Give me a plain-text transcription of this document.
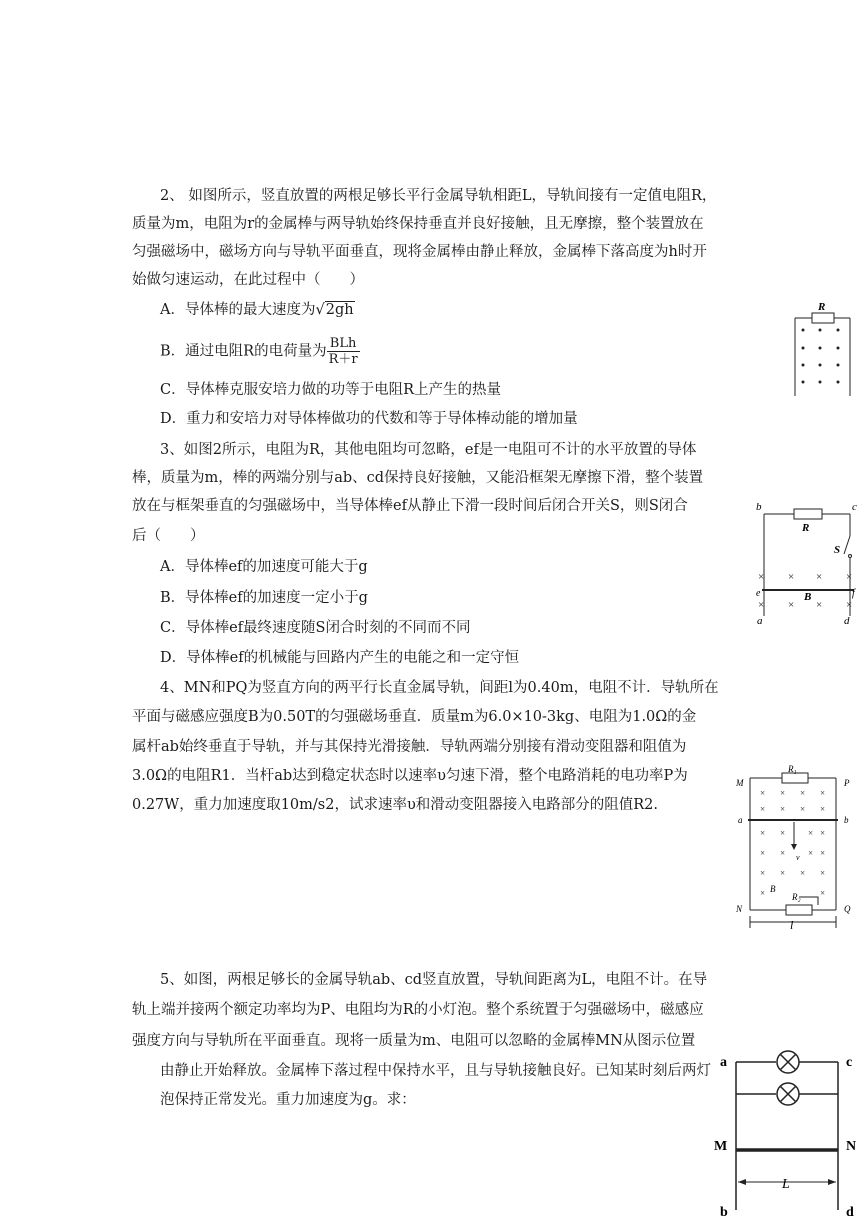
2、 如图所示，竖直放置的两根足够长平行金属导轨相距L，导轨间接有一定值电阻R，
质量为m，电阻为r的金属棒与两导轨始终保持垂直并良好接触，且无摩擦，整个装置放在
匀强磁场中，磁场方向与导轨平面垂直，现将金属棒由静止释放，金属棒下落高度为h时开
始做匀速运动，在此过程中（　　）
A．导体棒的最大速度为√2gh
B．通过电阻R的电荷量为 $\frac{\text{BLh}}{R+r}$
C．导体棒克服安培力做的功等于电阻R上产生的热量
D．重力和安培力对导体棒做功的代数和等于导体棒动能的增加量
R
3、如图2所示，电阻为R，其他电阻均可忽略，ef是一电阻可不计的水平放置的导体
棒，质量为m，棒的两端分别与ab、cd保持良好接触，又能沿框架无摩擦下滑，整个装置
放在与框架垂直的匀强磁场中，当导体棒ef从静止下滑一段时间后闭合开关S，则S闭合
后（　　）
A．导体棒ef的加速度可能大于g
B．导体棒ef的加速度一定小于g
C．导体棒ef最终速度随S闭合时刻的不同而不同
D．导体棒ef的机械能与回路内产生的电能之和一定守恒
b	c
R
S
e	f
B
a	d
× × × ×
× × × ×
4、MN和PQ为竖直方向的两平行长直金属导轨，间距l为0.40m，电阻不计．导轨所在
平面与磁感应强度B为0.50T的匀强磁场垂直．质量m为6.0×10-3kg、电阻为1.0Ω的金
属杆ab始终垂直于导轨，并与其保持光滑接触．导轨两端分别接有滑动变阻器和阻值为
3.0Ω的电阻R1．当杆ab达到稳定状态时以速率υ匀速下滑，整个电路消耗的电功率P为
0.27W，重力加速度取10m/s2，试求速率υ和滑动变阻器接入电路部分的阻值R2.
R₁
M	P
a	b
v
B
R₂
N	Q
l
× × × ×
× × × ×
× ×	× ×
× ×	× ×
× × × ×
×	×
5、如图，两根足够长的金属导轨ab、cd竖直放置，导轨间距离为L，电阻不计。在导
轨上端并接两个额定功率均为P、电阻均为R的小灯泡。整个系统置于匀强磁场中，磁感应
强度方向与导轨所在平面垂直。现将一质量为m、电阻可以忽略的金属棒MN从图示位置
由静止开始释放。金属棒下落过程中保持水平，且与导轨接触良好。已知某时刻后两灯
泡保持正常发光。重力加速度为g。求：
a	c
M	N
L
b	d
